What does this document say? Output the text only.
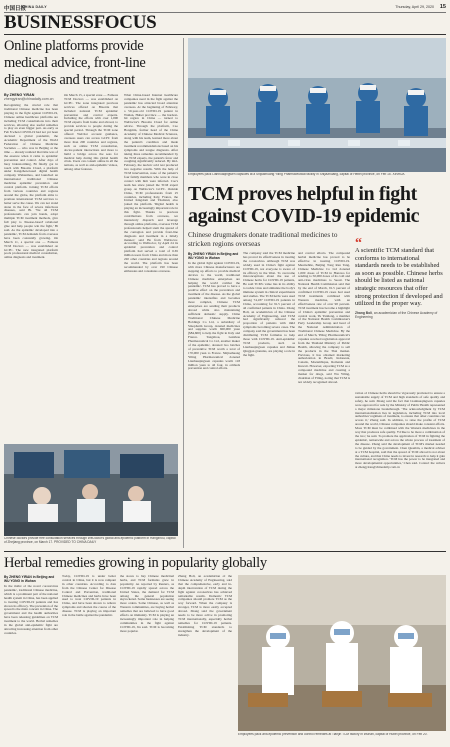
中国日报
CHINA DAILY	Thursday, April 29, 2020 15
BUSINESSFOCUS
Online platforms provide
medical advice, front-line
diagnosis and treatment
By ZHENG YIRAN
zhengyiran@chinadaily.com.cn
Recognizing the crucial role that traditional Chinese medicine has been playing in the fight against COVID-19, Chinese online healthcare platforms are including TCM consultations into their services, allowing also useful remedies to play an even bigger part. As early as Feb 8 when COVID-19 had not yet been declared a global pandemic, the Academic Department of the World Federation of Chinese Medicine Societies — who was in Beijing at the time — already realized that time was of the essence when it came to epidemic prevention and control. After days of busy brainstorming, Bi finally got in touch with Biaoxiu Cloud, a platform under Kangzhen-based digital health company Wuhanmao, and launched an international traditional Chinese medicine epidemic prevention and control platform. Joining TCM efforts from various countries and regions around the globe, the platform aims to promote international TCM services to better serve the cause. We can not stand alone in the face of severe infectious diseases, said Bi. 'We all TCM professionals can join hands, adopt multiple TCM treatment methods, give full play to 'disease-based' relational glue and help people win the fight,' Bi said. As the epidemic developed into a pandemic, TCM demands from overseas have been constantly growing. On March 11, a special one — Famous TCM Doctors — was established on GCPC. The new integrated platform pools professional medical consultation, online diagnosis and treatment.
On March 15, a special zone — Famous TCM Doctors — was established on GCPC. The zone integrated previous services offered on Biaoxiu that included national TCM epidemic prevention and control experts. Including the efforts with over 1,000 TCM experts from home and abroad, to provide services to people during the special period. Through the TCM zone offered WeChat account guidance, overseas users can access GCPC from more than 200 countries and regions, such as online TCM consultation, doctor-patient interactions and more to build a bridge across the seas for medical help during this global health crisis. Users can consult online in all the nations, as well as anti-epidemic videos, among other features.
What China-based Internet healthcare companies need in the fight against the pandemic has attracted broad attention overseas. At the beginning of February, a 50-year-old COVID-19 patient in Wuhan, Hubei province — the hardest-hit region in China — turned to WeDoctor's Biaoxiu Cloud for online advice. Through the platform, Cao Hongmin, former head of the China Academy of Chinese Medical Sciences, along with his team, learned more about the patient's condition and made treatment recommendations based on his symptoms and tongue diagnosis. After taking three remedies recommended by the TCM experts, the patient's fever and coughing significantly reduced. By mid-February, the nucleic acid test produced two negative results. With the help of TCM intervention, none of the patient's four family members who were in close contact with him were infected. Cao's team has since joined the TCM expert group on WeDoctor's GCPC. Outside China, TCM professionals from 25 countries, including Italy, France, the United Kingdom and Thailand, also joined the platform. 'Digital health is playing an increasingly important role in this fight. Thanks to precious contributions from overseas, we intensively dispatch and leverage through online platforms, overseas TCM professionals helped stem the spread of the contagion and provide front-line diagnosis and treatment in a timely manner,' said He from WeDoctor. According to WeDoctor, by April 24 its epidemic prevention and control platform had served a total of 6.65 million users from China and more than 220 other countries and regions around the world. The platform has been recommended by over 190 Chinese embassies and consulates overseas.
Chinese doctors provide free consultation services through WeDoctor's global anti-epidemic platform in Hangzhou, capital of Zhejiang province, on March 17. PROVIDED TO CHINA DAILY
Employees pack Lianhuaqingwen capsules at a Shijiazhuang Yiling Pharmaceutical facility in Shijiazhuang, capital of Hebei province, on Feb 15. XINHUA
TCM proves helpful in fight
against COVID-19 epidemic
Chinese drugmakers donate traditional medicines to stricken regions overseas
By ZHENG YIRAN in Beijing and WU YONG in Wuhan
In the global fight against COVID-19, with more Chinese manufacturers are stepping up efforts to provide medical devices to the world, traditional Chinese medicine enterprises are helping the world combat the pandemic. TCM has proved to have a positive effect on the prevention and treatment of the disease. As the global pandemic intensifies and becomes more complex, Chinese TCM enterprises are sending their products abroad while also maintaining sufficient domestic supply. China Traditional Chinese Medicine Holdings Co Ltd, a subsidiary of Sinopharm Group, donated medicines and supplies worth 600,000 yuan ($84,600) to help the fight in Italy and France. Tongzhou, Guizhou Pharmaceutical Co Ltd, another maker of the epidemic, donated two batches of preventive TCM worth a total of 170,000 yuan to France. Shijiazhuang Yiling Pharmaceutical donated Lianhuaqingwen capsules worth 118 million yuan to all four, in ombuds prevention and control efforts.
The company said the TCM medicine has proved its effectiveness in treating the coronavirus. Although TCM was widely used in China's fight against COVID-19, not everyone is aware of its efficacy in the West. To overcome misconceptions about the use of Chinese herbs for COVID-19 patients, He said TCM's value lies in its ability to tackle virus and stimulate the body's immune system in clinical experiments and studies. The TCM herbs were used among 74,187 COVID-19 patients in China, accounting for 91.5 percent of all confirmed patients in China. Zhang Boli, an academician of the Chinese Academy of Engineering, said TCM had significantly reduced the proportion of patients with mild symptoms becoming severe cases. The company said the government has been distributing TCM formulas to help those with COVID-19. Anti-epidemic TCM products, such as Lianhuaqingwen capsules and Jinhua Qinggan granules, are playing a role in the fight.
and control efforts. The compound herbal medicine has proved to be effective in treating COVID-19. Meanwhile, Beijing Tong Ren Tang, Chinese Medicine Co Ltd donated 1,000 doses of TCM in Hanawa for sending to 50,000 doses of its cold and anti-virus medicines to Seoul. The National Health Commission said that by the end of March, 91.5 percent of confirmed COVID-19 cases had used TCM treatments combined with Western medicine, with an effectiveness rate of over 90 percent. TCM treatment has become a highlight of China's epidemic prevention and control work, Yu Yanhong, a member of the National Health Commission's Party Leadership Group and head of the National Administration of Traditional Chinese Medicine. By the end of March, Yiling Pharmaceutical's capsules received registration approval from the Thailand Ministry of Public Health, allowing the company to sell the products in the Thai market. Previous, it has obtained marketing authorization in Brazil, Indonesia, Canada, Mozambique, Romania and Kuwait. However, exporting TCM as a compound medicine and creating a market for drugs, said Wu Yiling, chairman of Yiling, noting that TCM is not widely recognized abroad.
“
A scientific TCM standard that conforms to international standards needs to be established as soon as possible. Chinese herbs should be listed as national strategic resources that offer strong protection if developed and utilized in the proper way.
Zhang Boli, an academician of the Chinese Academy of Engineering
vation of Chinese herbs should be vigorously promoted to ensure a sustainable supply of TCM and high standards of safe quality and safety, he said. Zhang said the fact that Lianhuaqingwen capsules were approved for sale by the Ministry of Public Health represented a major milestone breakthrough. 'The acknowledgment by TCM internationalization lies in legislation, including TCM into local authorities' regimens of treatment, to ensure that other countries can access it,' Zhang said. In addition, to raise the profile of TCM around the world, Chinese companies should make constant efforts. More TCM must be combined with the Western medicines in the way that produces safe quality. 'I'd like to be more a combination of the two,' he said. To promote the application of TCM in fighting the epidemic, nationwide and across the whole process of treatment of the disease. Zhang said the development of TCM's market needed to be guided by the government. Chen Quanbin, a medical adviser at a TCM hospital, said that the spread of TCM abroad is not about the culture, and that China needs to invest in research to help it gain international recognition. 'TCM has the power to be integrated and more developmental opportunities,' Chen said. Contact the writers at zhengyiran@chinadaily.com.cn
Herbal remedies growing in popularity globally
By ZHENG YIRAN in Beijing and WU YONG in Wuhan
In the midst of the novel coronavirus pandemic, traditional Chinese medicine, which is a prominent part of the national health system in China, has been applied to treating COVID-19 patients and has shown its efficacy. The prevention of the spread is the main concern in China. The government and the health authorities have been releasing guidelines on TCM treatment to the world. Herbal remedies in the global anti-epidemic fight are attracting increasing attention from other countries.
Today, COVID-19 is under better control in China, but it is now rampant in other countries. According to data from the Chinese Center for Disease Control and Prevention, traditional Chinese medicines and herbs have been used to treat COVID-19 patients in China, and have been shown to relieve symptoms and shorten the course of the disease. TCM is playing an important role in the battle against the pandemic.
the stores to buy Chinese medicinal herbs, and TCM formulas grew in popularity. As reported by Reuters, as COVID-19 rapidly spread across the United States, the demand for TCM among the general population skyrocketed. Some businesses are seeing more orders. Some Chinese, as well as Western communities, are buying herbal remedies that are believed to have good effects on immunity. TCM is playing an increasingly important role in helping communities in the fight against COVID-19, Jin said. TCM is becoming more popular.
Zhang Boli, an academician of the Chinese Academy of Engineering, said that the comprehensive, early and in-depth intervention of TCM during the fight against coronavirus has achieved remarkable results. Domestic TCM companies should promote TCM as the way forward. When the company is stronger, TCM is more easily accepted abroad. Zhang said the government needs to be more active in promoting TCM internationally, especially herbal remedies for COVID-19 patients. Establishing TCM standards to strengthen the development of the industry.
Employees pack anti-epidemic prevention and control remedies at Tianjin TCM factory in Wuhan, capital of Hubei province, on Feb 20.
